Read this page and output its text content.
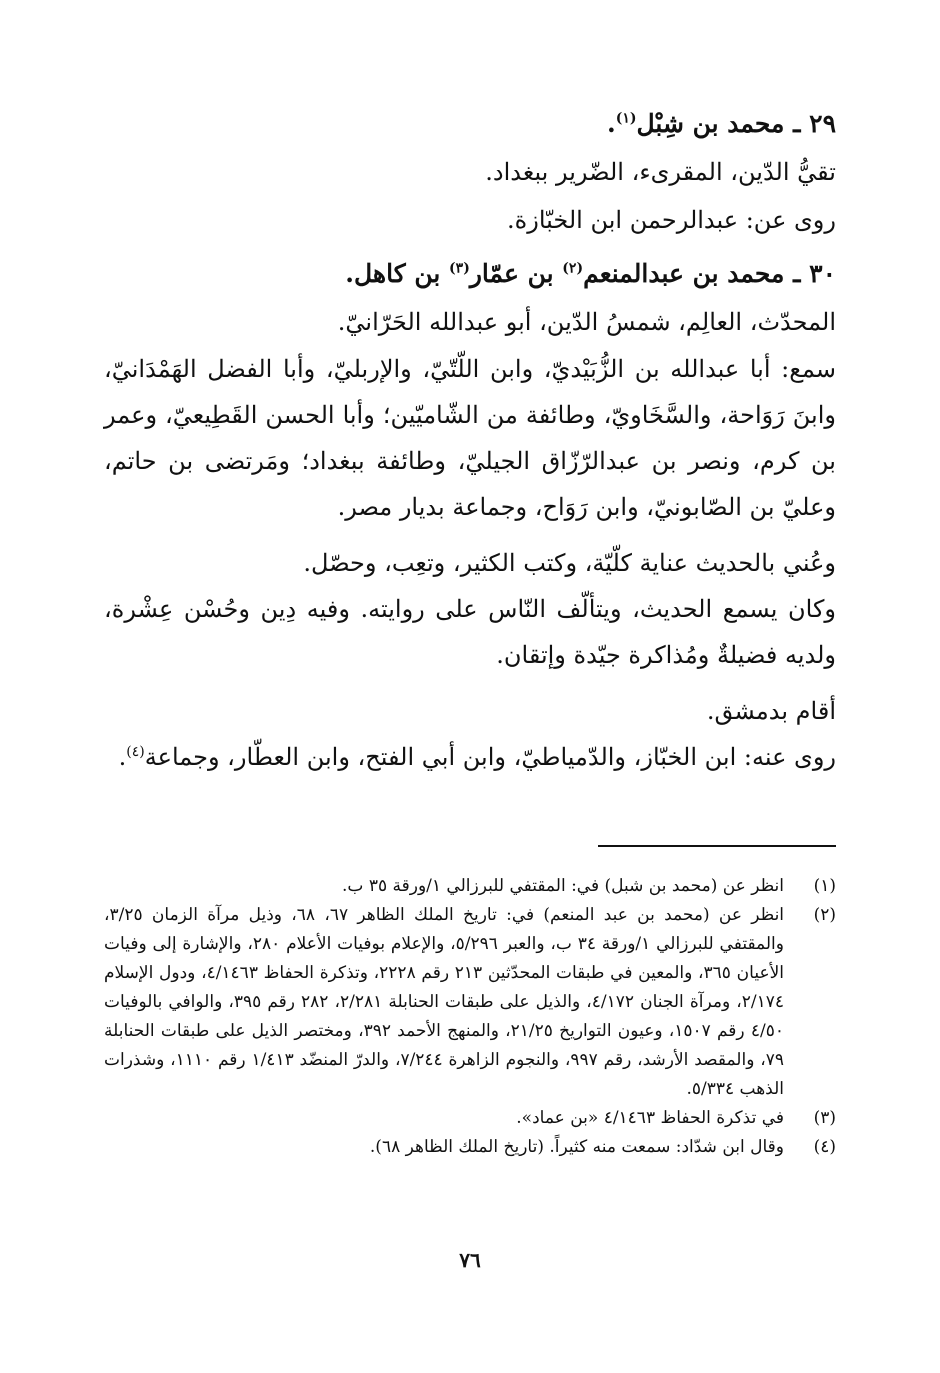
٢٩ ـ محمد بن شِبْل$^{(١)}$.

تقيُّ الدّين، المقرىء، الضّرير ببغداد.

روى عن: عبدالرحمن ابن الخبّازة.

٣٠ ـ محمد بن عبدالمنعم$^{(٢)}$ بن عمّار$^{(٣)}$ بن كاهل.

المحدّث، العالِم، شمسُ الدّين، أبو عبدالله الحَرّانيّ.

سمع: أبا عبدالله بن الزُّبَيْديّ، وابن اللّتّيّ، والإربليّ، وأبا الفضل الهَمْدَانيّ، وابنَ رَوَاحة، والسَّخَاويّ، وطائفة من الشّاميّين؛ وأبا الحسن القَطِيعيّ، وعمر بن كرم، ونصر بن عبدالرّزّاق الجيليّ، وطائفة ببغداد؛ ومَرتضى بن حاتم، وعليّ بن الصّابونيّ، وابن رَوَاح، وجماعة بديار مصر.

وعُني بالحديث عناية كلّيّة، وكتب الكثير، وتعِب، وحصّل.

وكان يسمع الحديث، ويتألّف النّاس على روايته. وفيه دِين وحُسْن عِشْرة، ولديه فضيلةٌ ومُذاكرة جيّدة وإتقان.

أقام بدمشق.

روى عنه: ابن الخبّاز، والدّمياطيّ، وابن أبي الفتح، وابن العطّار، وجماعة$^{(٤)}$.

(١)
انظر عن (محمد بن شبل) في: المقتفي للبرزالي ١/ورقة ٣٥ ب.
(٢)
انظر عن (محمد بن عبد المنعم) في: تاريخ الملك الظاهر ٦٧، ٦٨، وذيل مرآة الزمان ٣/٢٥، والمقتفي للبرزالي ١/ورقة ٣٤ ب، والعبر ٥/٢٩٦، والإعلام بوفيات الأعلام ٢٨٠، والإشارة إلى وفيات الأعيان ٣٦٥، والمعين في طبقات المحدّثين ٢١٣ رقم ٢٢٢٨، وتذكرة الحفاظ ٤/١٤٦٣، ودول الإسلام ٢/١٧٤، ومرآة الجنان ٤/١٧٢، والذيل على طبقات الحنابلة ٢/٢٨١، ٢٨٢ رقم ٣٩٥، والوافي بالوفيات ٤/٥٠ رقم ١٥٠٧، وعيون التواريخ ٢١/٢٥، والمنهج الأحمد ٣٩٢، ومختصر الذيل على طبقات الحنابلة ٧٩، والمقصد الأرشد، رقم ٩٩٧، والنجوم الزاهرة ٧/٢٤٤، والدرّ المنضّد ١/٤١٣ رقم ١١١٠، وشذرات الذهب ٥/٣٣٤.
(٣)
في تذكرة الحفاظ ٤/١٤٦٣ «بن عماد».
(٤)
وقال ابن شدّاد: سمعت منه كثيراً. (تاريخ الملك الظاهر ٦٨).
٧٦
